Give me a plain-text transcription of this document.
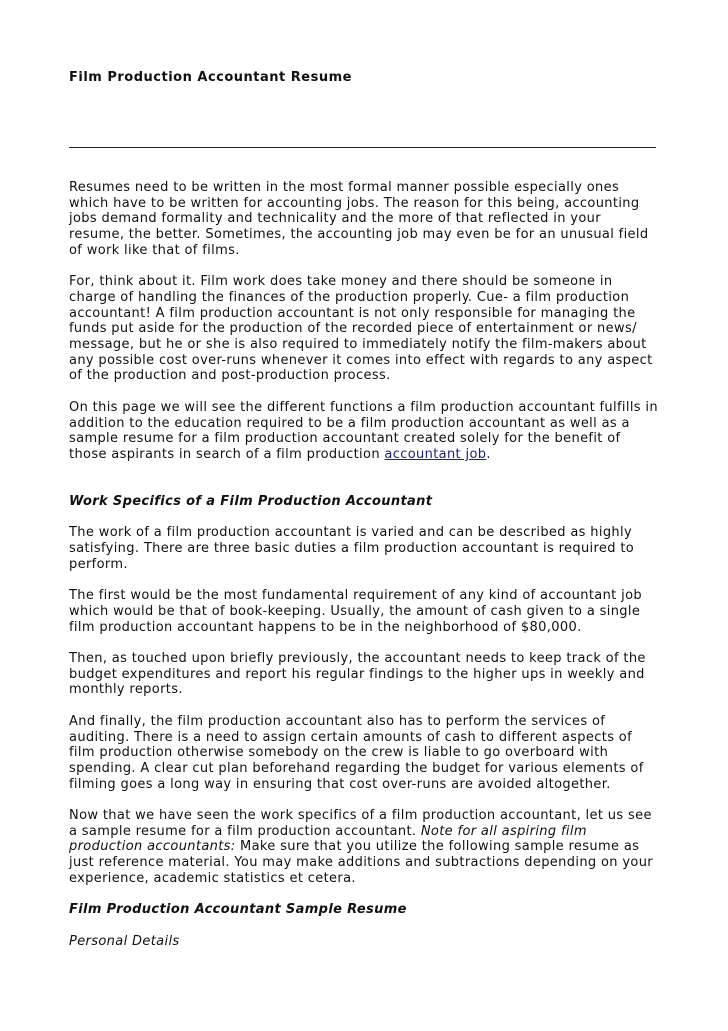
Film Production Accountant Resume

Resumes need to be written in the most formal manner possible especially ones which have to be written for accounting jobs. The reason for this being, accounting jobs demand formality and technicality and the more of that reflected in your resume, the better. Sometimes, the accounting job may even be for an unusual field of work like that of films.

For, think about it. Film work does take money and there should be someone in charge of handling the finances of the production properly. Cue- a film production accountant! A film production accountant is not only responsible for managing the funds put aside for the production of the recorded piece of entertainment or news/ message, but he or she is also required to immediately notify the film-makers about any possible cost over-runs whenever it comes into effect with regards to any aspect of the production and post-production process.

On this page we will see the different functions a film production accountant fulfills in addition to the education required to be a film production accountant as well as a sample resume for a film production accountant created solely for the benefit of those aspirants in search of a film production accountant job.

Work Specifics of a Film Production Accountant

The work of a film production accountant is varied and can be described as highly satisfying. There are three basic duties a film production accountant is required to perform.

The first would be the most fundamental requirement of any kind of accountant job which would be that of book-keeping. Usually, the amount of cash given to a single film production accountant happens to be in the neighborhood of $80,000.

Then, as touched upon briefly previously, the accountant needs to keep track of the budget expenditures and report his regular findings to the higher ups in weekly and monthly reports.

And finally, the film production accountant also has to perform the services of auditing. There is a need to assign certain amounts of cash to different aspects of film production otherwise somebody on the crew is liable to go overboard with spending. A clear cut plan beforehand regarding the budget for various elements of filming goes a long way in ensuring that cost over-runs are avoided altogether.

Now that we have seen the work specifics of a film production accountant, let us see a sample resume for a film production accountant. Note for all aspiring film production accountants: Make sure that you utilize the following sample resume as just reference material. You may make additions and subtractions depending on your experience, academic statistics et cetera.

Film Production Accountant Sample Resume

Personal Details
